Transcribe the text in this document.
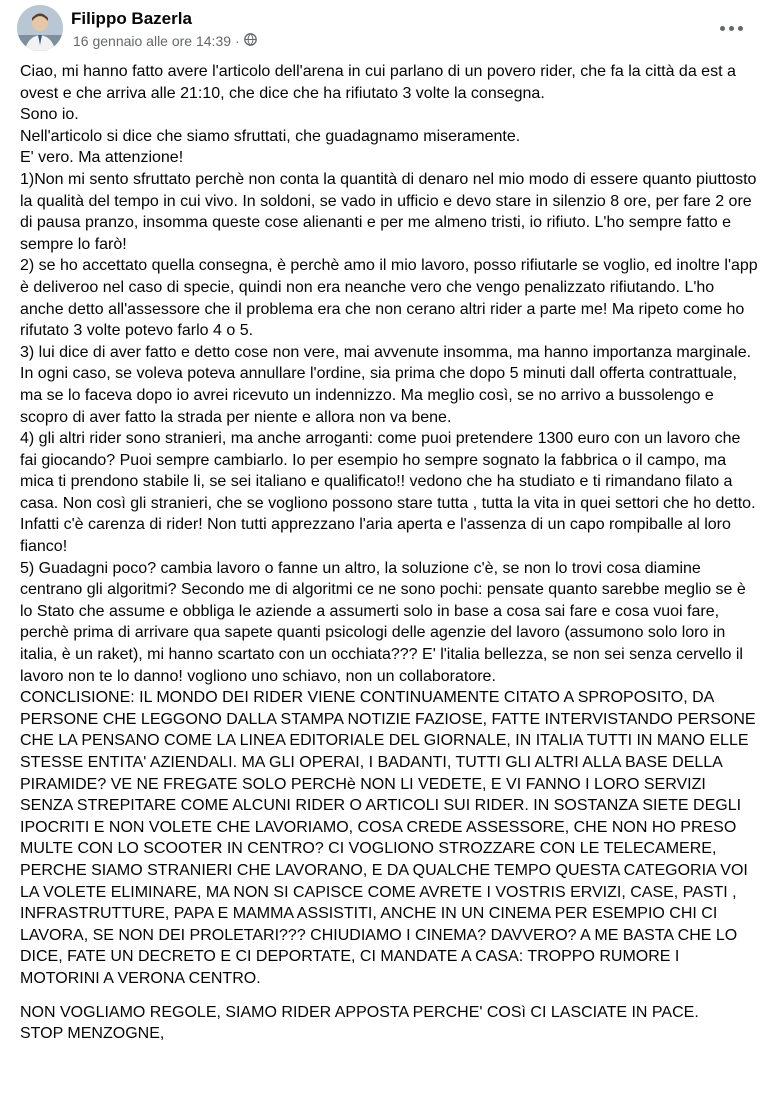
Filippo Bazerla
16 gennaio alle ore 14:39 ·

Ciao, mi hanno fatto avere l'articolo dell'arena in cui parlano di un povero rider, che fa la città da est a ovest e che arriva alle 21:10, che dice che ha rifiutato 3 volte la consegna.

Sono io.

Nell'articolo si dice che siamo sfruttati, che guadagnamo miseramente.

E' vero. Ma attenzione!

1)Non mi sento sfruttato perchè non conta la quantità di denaro nel mio modo di essere quanto piuttosto la qualità del tempo in cui vivo. In soldoni, se vado in ufficio e devo stare in silenzio 8 ore, per fare 2 ore di pausa pranzo, insomma queste cose alienanti e per me almeno tristi, io rifiuto. L'ho sempre fatto e sempre lo farò!

2) se ho accettato quella consegna, è perchè amo il mio lavoro, posso rifiutarle se voglio, ed inoltre l'app è deliveroo nel caso di specie, quindi non era neanche vero che vengo penalizzato rifiutando. L'ho anche detto all'assessore che il problema era che non cerano altri rider a parte me! Ma ripeto come ho rifutato 3 volte potevo farlo 4 o 5.

3) lui dice di aver fatto e detto cose non vere, mai avvenute insomma, ma hanno importanza marginale. In ogni caso, se voleva poteva annullare l'ordine, sia prima che dopo 5 minuti dall offerta contrattuale, ma se lo faceva dopo io avrei ricevuto un indennizzo. Ma meglio così, se no arrivo a bussolengo e scopro di aver fatto la strada per niente e allora non va bene.

4) gli altri rider sono stranieri, ma anche arroganti: come puoi pretendere 1300 euro con un lavoro che fai giocando? Puoi sempre cambiarlo. Io per esempio ho sempre sognato la fabbrica o il campo, ma mica ti prendono stabile li, se sei italiano e qualificato!! vedono che ha studiato e ti rimandano filato a casa. Non così gli stranieri, che se vogliono possono stare tutta , tutta la vita in quei settori che ho detto. Infatti c'è carenza di rider! Non tutti apprezzano l'aria aperta e l'assenza di un capo rompiballe al loro fianco!

5) Guadagni poco? cambia lavoro o fanne un altro, la soluzione c'è, se non lo trovi cosa diamine centrano gli algoritmi? Secondo me di algoritmi ce ne sono pochi: pensate quanto sarebbe meglio se è lo Stato che assume e obbliga le aziende a assumerti solo in base a cosa sai fare e cosa vuoi fare, perchè prima di arrivare qua sapete quanti psicologi delle agenzie del lavoro (assumono solo loro in italia, è un raket), mi hanno scartato con un occhiata??? E' l'italia bellezza, se non sei senza cervello il lavoro non te lo danno! vogliono uno schiavo, non un collaboratore.

CONCLISIONE: IL MONDO DEI RIDER VIENE CONTINUAMENTE CITATO A SPROPOSITO, DA PERSONE CHE LEGGONO DALLA STAMPA NOTIZIE FAZIOSE, FATTE INTERVISTANDO PERSONE CHE LA PENSANO COME LA LINEA EDITORIALE DEL GIORNALE, IN ITALIA TUTTI IN MANO ELLE STESSE ENTITA' AZIENDALI. MA GLI OPERAI, I BADANTI, TUTTI GLI ALTRI ALLA BASE DELLA PIRAMIDE? VE NE FREGATE SOLO PERCHè NON LI VEDETE, E VI FANNO I LORO SERVIZI SENZA STREPITARE COME ALCUNI RIDER O ARTICOLI SUI RIDER. IN SOSTANZA SIETE DEGLI IPOCRITI E NON VOLETE CHE LAVORIAMO, COSA CREDE ASSESSORE, CHE NON HO PRESO MULTE CON LO SCOOTER IN CENTRO? CI VOGLIONO STROZZARE CON LE TELECAMERE, PERCHE SIAMO STRANIERI CHE LAVORANO, E DA QUALCHE TEMPO QUESTA CATEGORIA VOI LA VOLETE ELIMINARE, MA NON SI CAPISCE COME AVRETE I VOSTRIS ERVIZI, CASE, PASTI , INFRASTRUTTURE, PAPA E MAMMA ASSISTITI, ANCHE IN UN CINEMA PER ESEMPIO CHI CI LAVORA, SE NON DEI PROLETARI??? CHIUDIAMO I CINEMA? DAVVERO? A ME BASTA CHE LO DICE, FATE UN DECRETO E CI DEPORTATE, CI MANDATE A CASA: TROPPO RUMORE I MOTORINI A VERONA CENTRO.

NON VOGLIAMO REGOLE, SIAMO RIDER APPOSTA PERCHE' COSì CI LASCIATE IN PACE.

STOP MENZOGNE,
